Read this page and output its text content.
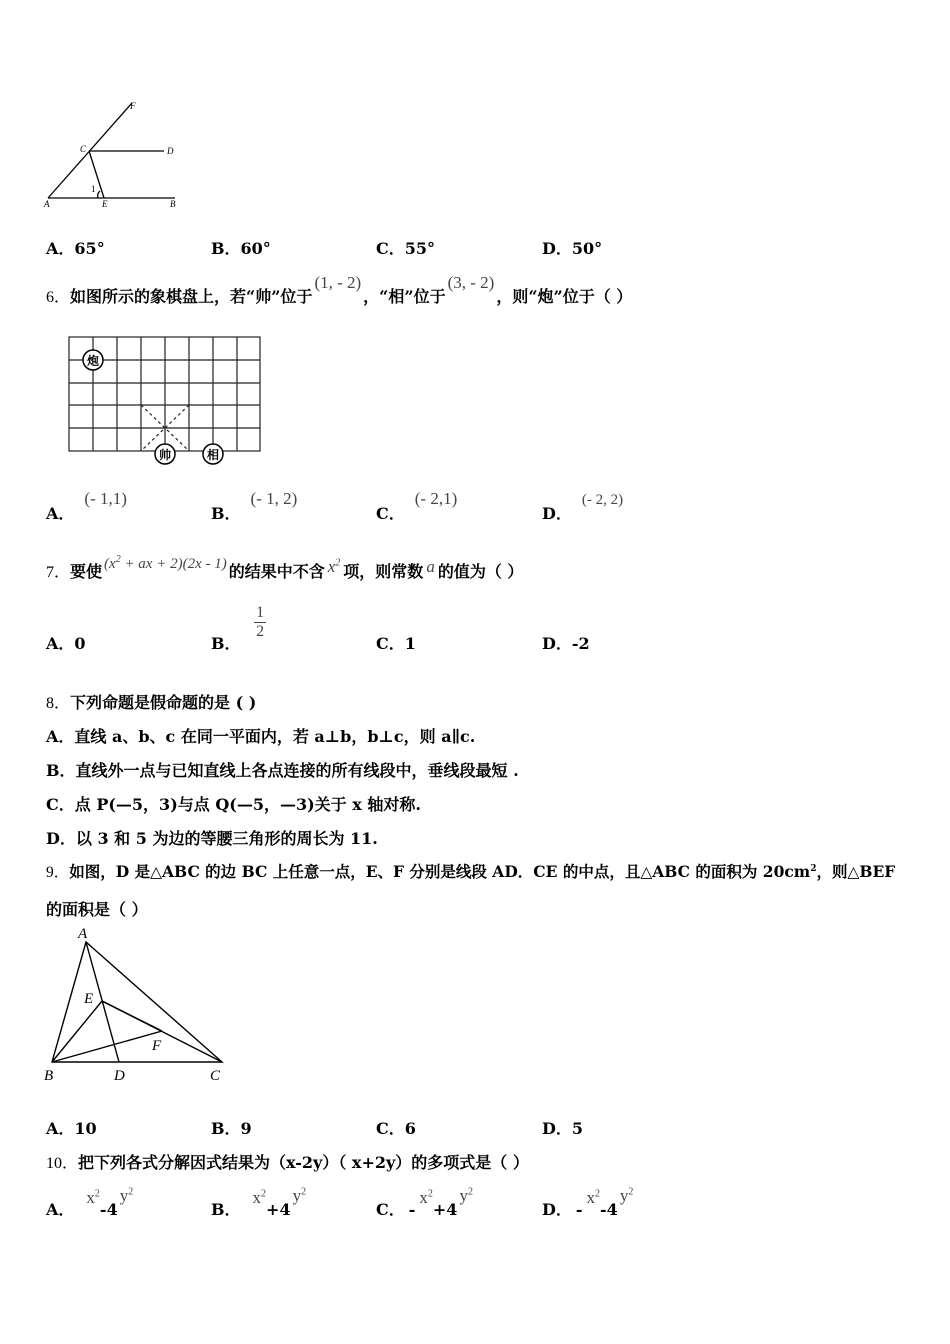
F
C	D
A	E	B
1
A．65°	B．60°	C．55°	D．50°
6．如图所示的象棋盘上，若“帅”位于(1, - 2)，“相”位于(3, - 2)，则“炮”位于（ ）
炮
帅	相
A．(- 1,1)
B．(- 1, 2)
C．(- 2,1)
D．(- 2, 2)
7．要使 ($x^2$ + ax + 2)(2x - 1) 的结果中不含 $x^2$ 项，则常数 a 的值为（ ）
A．0	B．
$\frac{1}{2}$
C．1	D．-2
8．下列命题是假命题的是 ( )
A．直线 a、b、c 在同一平面内，若 a⊥b，b⊥c，则 a∥c.
B．直线外一点与已知直线上各点连接的所有线段中，垂线段最短 .
C．点 P(—5，3)与点 Q(—5，—3)关于 x 轴对称.
D．以 3 和 5 为边的等腰三角形的周长为 11.
9．如图，D 是△ABC 的边 BC 上任意一点，E、F 分别是线段 AD．CE 的中点，且△ABC 的面积为 $20cm^2$，则△BEF
的面积是（ ）
A
E
F
B	D	C
A．10	B．9	C．6	D．5
10．把下列各式分解因式结果为（x-2y）（ x+2y）的多项式是（ ）
A．$x^2-4y^2$
B．$x^2+4y^2$
C． $-x^2+4y^2$
D． $-x^2-4y^2$
